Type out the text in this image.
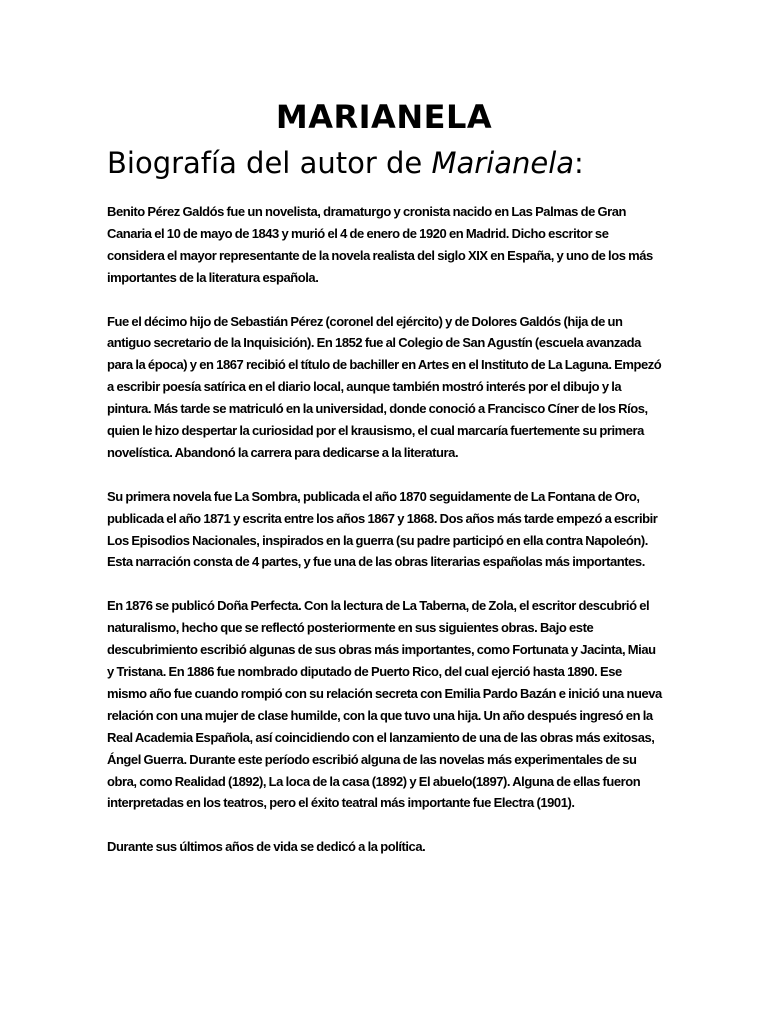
MARIANELA
Biografía del autor de Marianela:

Benito Pérez Galdós fue un novelista, dramaturgo y cronista nacido en Las Palmas de Gran Canaria el 10 de mayo de 1843 y murió el 4 de enero de 1920 en Madrid. Dicho escritor se considera el mayor representante de la novela realista del siglo XIX en España, y uno de los más importantes de la literatura española.

Fue el décimo hijo de Sebastián Pérez (coronel del ejército) y de Dolores Galdós (hija de un antiguo secretario de la Inquisición). En 1852 fue al Colegio de San Agustín (escuela avanzada para la época) y en 1867 recibió el título de bachiller en Artes en el Instituto de La Laguna. Empezó a escribir poesía satírica en el diario local, aunque también mostró interés por el dibujo y la pintura. Más tarde se matriculó en la universidad, donde conoció a Francisco Cíner de los Ríos, quien le hizo despertar la curiosidad por el krausismo, el cual marcaría fuertemente su primera novelística. Abandonó la carrera para dedicarse a la literatura.

Su primera novela fue La Sombra, publicada el año 1870 seguidamente de La Fontana de Oro, publicada el año 1871 y escrita entre los años 1867 y 1868. Dos años más tarde empezó a escribir Los Episodios Nacionales, inspirados en la guerra (su padre participó en ella contra Napoleón). Esta narración consta de 4 partes, y fue una de las obras literarias españolas más importantes.

En 1876 se publicó Doña Perfecta. Con la lectura de La Taberna, de Zola, el escritor descubrió el naturalismo, hecho que se reflectó posteriormente en sus siguientes obras. Bajo este descubrimiento escribió algunas de sus obras más importantes, como Fortunata y Jacinta, Miau y Tristana. En 1886 fue nombrado diputado de Puerto Rico, del cual ejerció hasta 1890. Ese mismo año fue cuando rompió con su relación secreta con Emilia Pardo Bazán e inició una nueva relación con una mujer de clase humilde, con la que tuvo una hija. Un año después ingresó en la Real Academia Española, así coincidiendo con el lanzamiento de una de las obras más exitosas, Ángel Guerra. Durante este período escribió alguna de las novelas más experimentales de su obra, como Realidad (1892), La loca de la casa (1892) y El abuelo(1897). Alguna de ellas fueron interpretadas en los teatros, pero el éxito teatral más importante fue Electra (1901).

Durante sus últimos años de vida se dedicó a la política.
